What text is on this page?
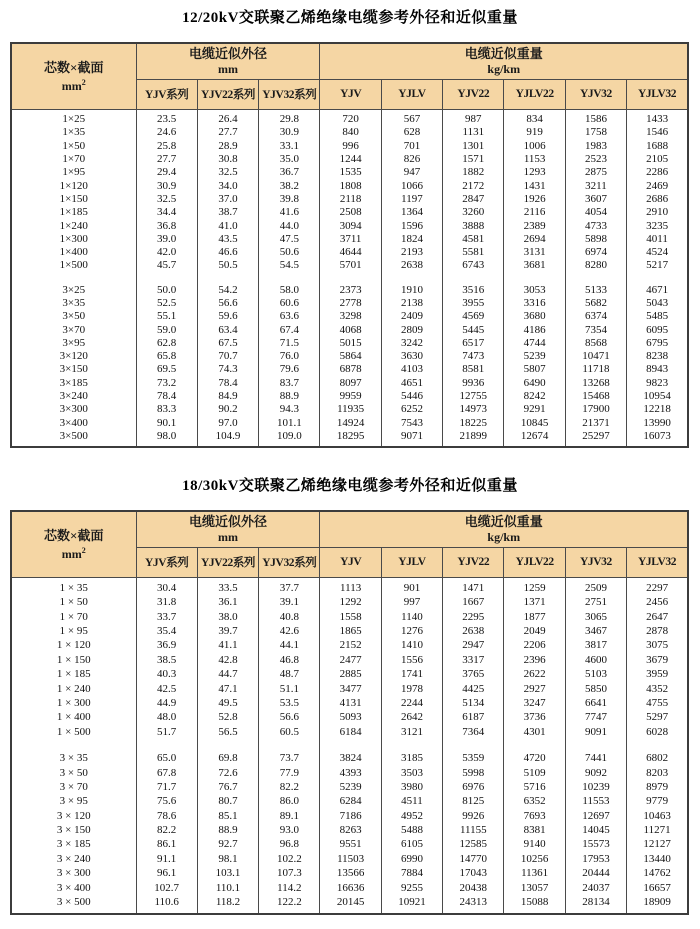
12/20kV交联聚乙烯绝缘电缆参考外径和近似重量
芯数×截面
$mm^2$

电缆近似外径
mm

电缆近似重量
kg/km

	YJV系列	YJV22系列	YJV32系列	YJV	YJLV	YJV22	YJLV22	YJV32	YJLV32

1×25	23.5	26.4	29.8	720	567	987	834	1586	1433
1×35	24.6	27.7	30.9	840	628	1131	919	1758	1546
1×50	25.8	28.9	33.1	996	701	1301	1006	1983	1688
1×70	27.7	30.8	35.0	1244	826	1571	1153	2523	2105
1×95	29.4	32.5	36.7	1535	947	1882	1293	2875	2286
1×120	30.9	34.0	38.2	1808	1066	2172	1431	3211	2469
1×150	32.5	37.0	39.8	2118	1197	2847	1926	3607	2686
1×185	34.4	38.7	41.6	2508	1364	3260	2116	4054	2910
1×240	36.8	41.0	44.0	3094	1596	3888	2389	4733	3235
1×300	39.0	43.5	47.5	3711	1824	4581	2694	5898	4011
1×400	42.0	46.6	50.6	4644	2193	5581	3131	6974	4524
1×500	45.7	50.5	54.5	5701	2638	6743	3681	8280	5217

3×25	50.0	54.2	58.0	2373	1910	3516	3053	5133	4671
3×35	52.5	56.6	60.6	2778	2138	3955	3316	5682	5043
3×50	55.1	59.6	63.6	3298	2409	4569	3680	6374	5485
3×70	59.0	63.4	67.4	4068	2809	5445	4186	7354	6095
3×95	62.8	67.5	71.5	5015	3242	6517	4744	8568	6795
3×120	65.8	70.7	76.0	5864	3630	7473	5239	10471	8238
3×150	69.5	74.3	79.6	6878	4103	8581	5807	11718	8943
3×185	73.2	78.4	83.7	8097	4651	9936	6490	13268	9823
3×240	78.4	84.9	88.9	9959	5446	12755	8242	15468	10954
3×300	83.3	90.2	94.3	11935	6252	14973	9291	17900	12218
3×400	90.1	97.0	101.1	14924	7543	18225	10845	21371	13990
3×500	98.0	104.9	109.0	18295	9071	21899	12674	25297	16073

18/30kV交联聚乙烯绝缘电缆参考外径和近似重量
芯数×截面
$mm^2$

电缆近似外径
mm

电缆近似重量
kg/km

	YJV系列	YJV22系列	YJV32系列	YJV	YJLV	YJV22	YJLV22	YJV32	YJLV32

1 × 35	30.4	33.5	37.7	1113	901	1471	1259	2509	2297
1 × 50	31.8	36.1	39.1	1292	997	1667	1371	2751	2456
1 × 70	33.7	38.0	40.8	1558	1140	2295	1877	3065	2647
1 × 95	35.4	39.7	42.6	1865	1276	2638	2049	3467	2878
1 × 120	36.9	41.1	44.1	2152	1410	2947	2206	3817	3075
1 × 150	38.5	42.8	46.8	2477	1556	3317	2396	4600	3679
1 × 185	40.3	44.7	48.7	2885	1741	3765	2622	5103	3959
1 × 240	42.5	47.1	51.1	3477	1978	4425	2927	5850	4352
1 × 300	44.9	49.5	53.5	4131	2244	5134	3247	6641	4755
1 × 400	48.0	52.8	56.6	5093	2642	6187	3736	7747	5297
1 × 500	51.7	56.5	60.5	6184	3121	7364	4301	9091	6028

3 × 35	65.0	69.8	73.7	3824	3185	5359	4720	7441	6802
3 × 50	67.8	72.6	77.9	4393	3503	5998	5109	9092	8203
3 × 70	71.7	76.7	82.2	5239	3980	6976	5716	10239	8979
3 × 95	75.6	80.7	86.0	6284	4511	8125	6352	11553	9779
3 × 120	78.6	85.1	89.1	7186	4952	9926	7693	12697	10463
3 × 150	82.2	88.9	93.0	8263	5488	11155	8381	14045	11271
3 × 185	86.1	92.7	96.8	9551	6105	12585	9140	15573	12127
3 × 240	91.1	98.1	102.2	11503	6990	14770	10256	17953	13440
3 × 300	96.1	103.1	107.3	13566	7884	17043	11361	20444	14762
3 × 400	102.7	110.1	114.2	16636	9255	20438	13057	24037	16657
3 × 500	110.6	118.2	122.2	20145	10921	24313	15088	28134	18909
